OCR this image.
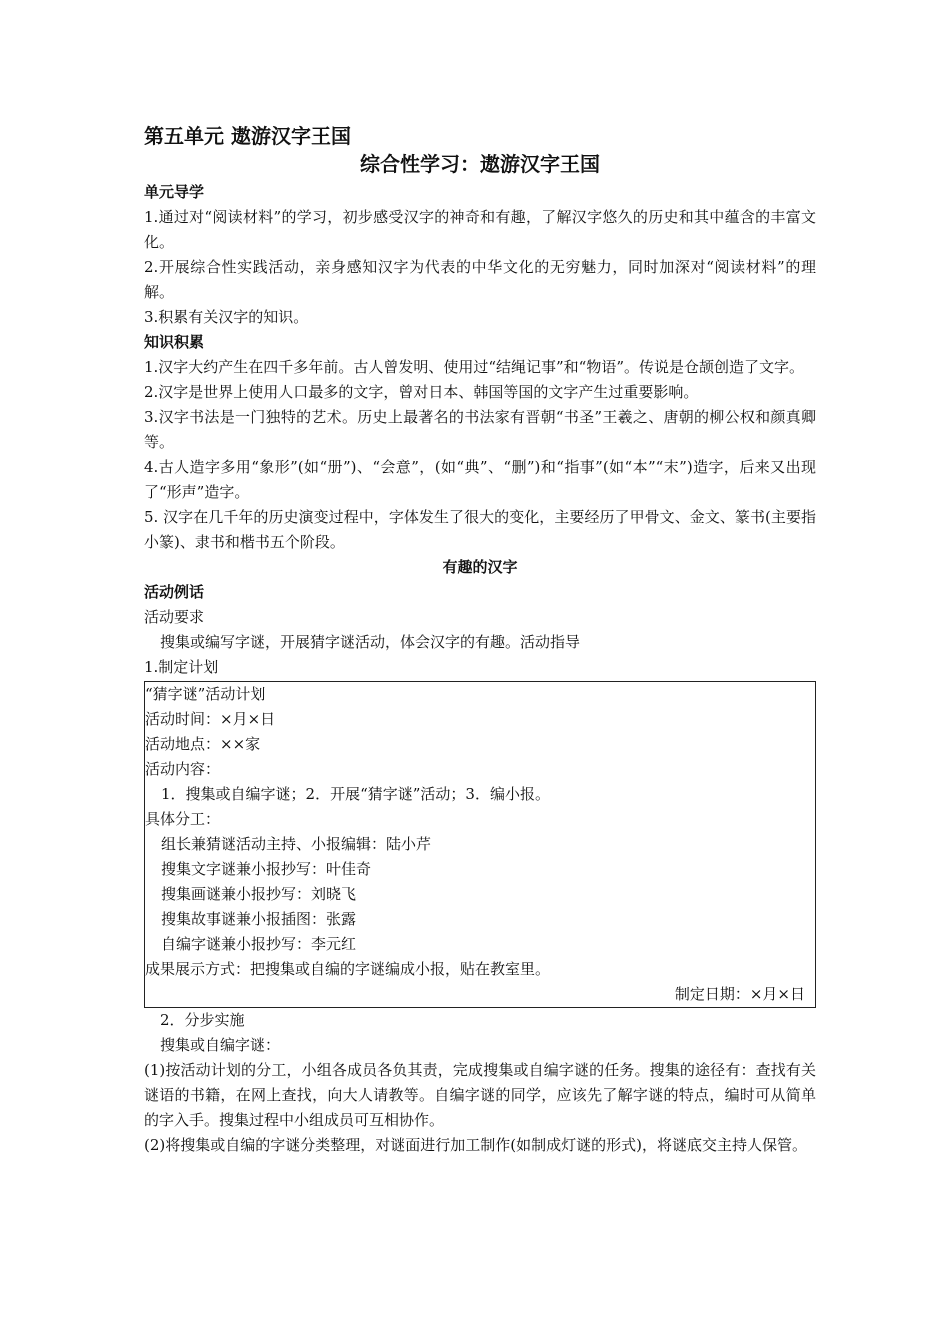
第五单元 遨游汉字王国
综合性学习：遨游汉字王国
单元导学

1.通过对“阅读材料”的学习，初步感受汉字的神奇和有趣，了解汉字悠久的历史和其中蕴含的丰富文化。

2.开展综合性实践活动，亲身感知汉字为代表的中华文化的无穷魅力，同时加深对“阅读材料”的理解。

3.积累有关汉字的知识。

知识积累

1.汉字大约产生在四千多年前。古人曾发明、使用过“结绳记事”和“物语”。传说是仓颉创造了文字。

2.汉字是世界上使用人口最多的文字，曾对日本、韩国等国的文字产生过重要影响。

3.汉字书法是一门独特的艺术。历史上最著名的书法家有晋朝“书圣”王羲之、唐朝的柳公权和颜真卿等。

4.古人造字多用“象形”(如“册”)、“会意”，(如“典”、“删”)和“指事”(如“本”“末”)造字，后来又出现了“形声”造字。

5. 汉字在几千年的历史演变过程中，字体发生了很大的变化，主要经历了甲骨文、金文、篆书(主要指小篆)、隶书和楷书五个阶段。

有趣的汉字
活动例话

活动要求

搜集或编写字谜，开展猜字谜活动，体会汉字的有趣。活动指导

1.制定计划

“猜字谜”活动计划

活动时间：×月×日

活动地点：××家

活动内容：

1．搜集或自编字谜；2．开展“猜字谜”活动；3．编小报。

具体分工：

组长兼猜谜活动主持、小报编辑：陆小芹

搜集文字谜兼小报抄写：叶佳奇

搜集画谜兼小报抄写：刘晓飞

搜集故事谜兼小报插图：张露

自编字谜兼小报抄写：李元红

成果展示方式：把搜集或自编的字谜编成小报，贴在教室里。

制定日期：×月×日

2．分步实施

搜集或自编字谜：

(1)按活动计划的分工，小组各成员各负其责，完成搜集或自编字谜的任务。搜集的途径有：查找有关谜语的书籍，在网上查找，向大人请教等。自编字谜的同学，应该先了解字谜的特点，编时可从简单的字入手。搜集过程中小组成员可互相协作。

(2)将搜集或自编的字谜分类整理，对谜面进行加工制作(如制成灯谜的形式)，将谜底交主持人保管。
